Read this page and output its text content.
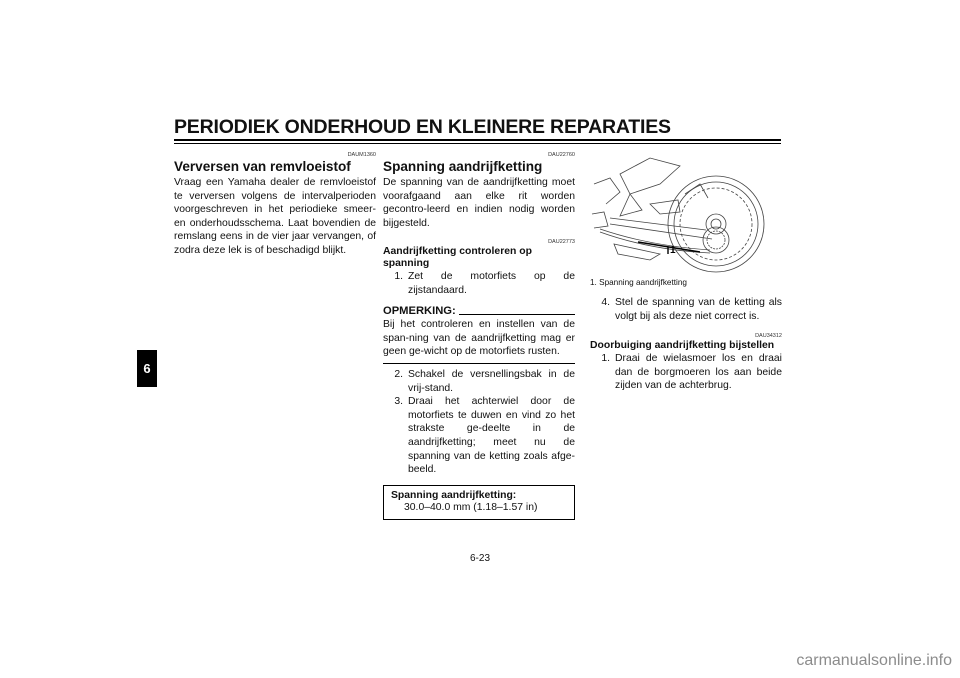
PERIODIEK ONDERHOUD EN KLEINERE REPARATIES
6
DAUM1360
Verversen van remvloeistof

Vraag een Yamaha dealer de remvloeistof te verversen volgens de intervalperioden voorgeschreven in het periodieke smeer- en onderhoudsschema. Laat bovendien de remslang eens in de vier jaar vervangen, of zodra deze lek is of beschadigd blijkt.

DAU22760
Spanning aandrijfketting

De spanning van de aandrijfketting moet voorafgaand aan elke rit worden gecontro-leerd en indien nodig worden bijgesteld.

DAU22773
Aandrijfketting controleren op spanning
1. Zet de motorfiets op de zijstandaard.
OPMERKING:

Bij het controleren en instellen van de span-ning van de aandrijfketting mag er geen ge-wicht op de motorfiets rusten.

2. Schakel de versnellingsbak in de vrij-stand.
3. Draai het achterwiel door de motorfiets te duwen en vind zo het strakste ge-deelte in de aandrijfketting; meet nu de spanning van de ketting zoals afge-beeld.
Spanning aandrijfketting:
30.0–40.0 mm (1.18–1.57 in)
1
1. Spanning aandrijfketting
4. Stel de spanning van de ketting als volgt bij als deze niet correct is.
DAU34312
Doorbuiging aandrijfketting bijstellen
1. Draai de wielasmoer los en draai dan de borgmoeren los aan beide zijden van de achterbrug.
6-23
carmanualsonline.info
